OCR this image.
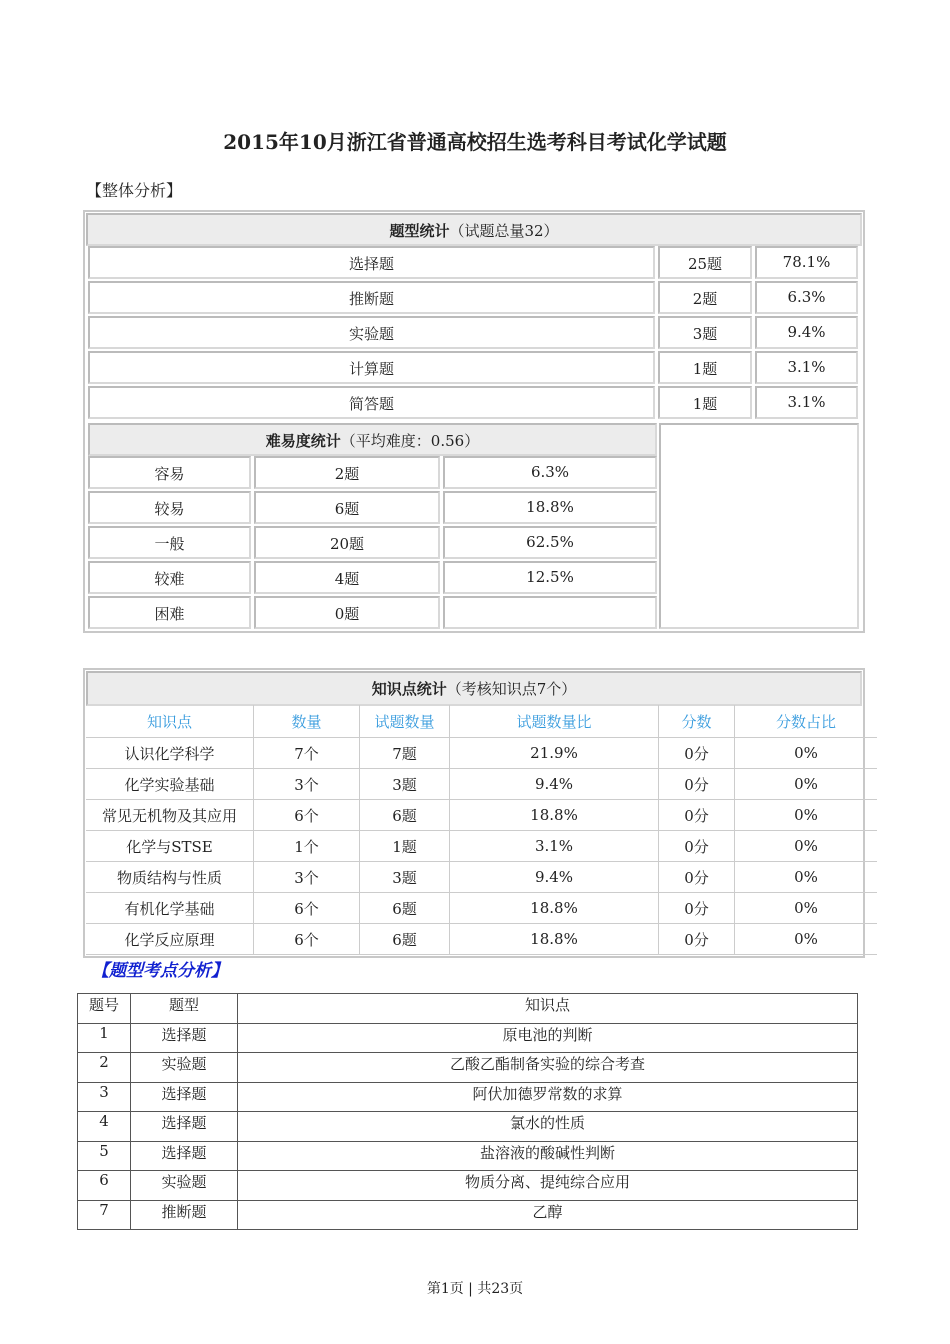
2015年10月浙江省普通高校招生选考科目考试化学试题
【整体分析】
题型统计（试题总量32）
选择题	25题	78.1%
推断题	2题	6.3%
实验题	3题	9.4%
计算题	1题	3.1%
简答题	1题	3.1%
难易度统计（平均难度：0.56）
容易	2题	6.3%
较易	6题	18.8%
一般	20题	62.5%
较难	4题	12.5%
困难	0题
知识点统计（考核知识点7个）
知识点	数量	试题数量	试题数量比	分数	分数占比
认识化学科学	7个	7题	21.9%	0分	0%
化学实验基础	3个	3题	9.4%	0分	0%
常见无机物及其应用	6个	6题	18.8%	0分	0%
化学与STSE	1个	1题	3.1%	0分	0%
物质结构与性质	3个	3题	9.4%	0分	0%
有机化学基础	6个	6题	18.8%	0分	0%
化学反应原理	6个	6题	18.8%	0分	0%
【题型考点分析】
题号	题型	知识点
1	选择题	原电池的判断
2	实验题	乙酸乙酯制备实验的综合考查
3	选择题	阿伏加德罗常数的求算
4	选择题	氯水的性质
5	选择题	盐溶液的酸碱性判断
6	实验题	物质分离、提纯综合应用
7	推断题	乙醇
第1页 | 共23页
